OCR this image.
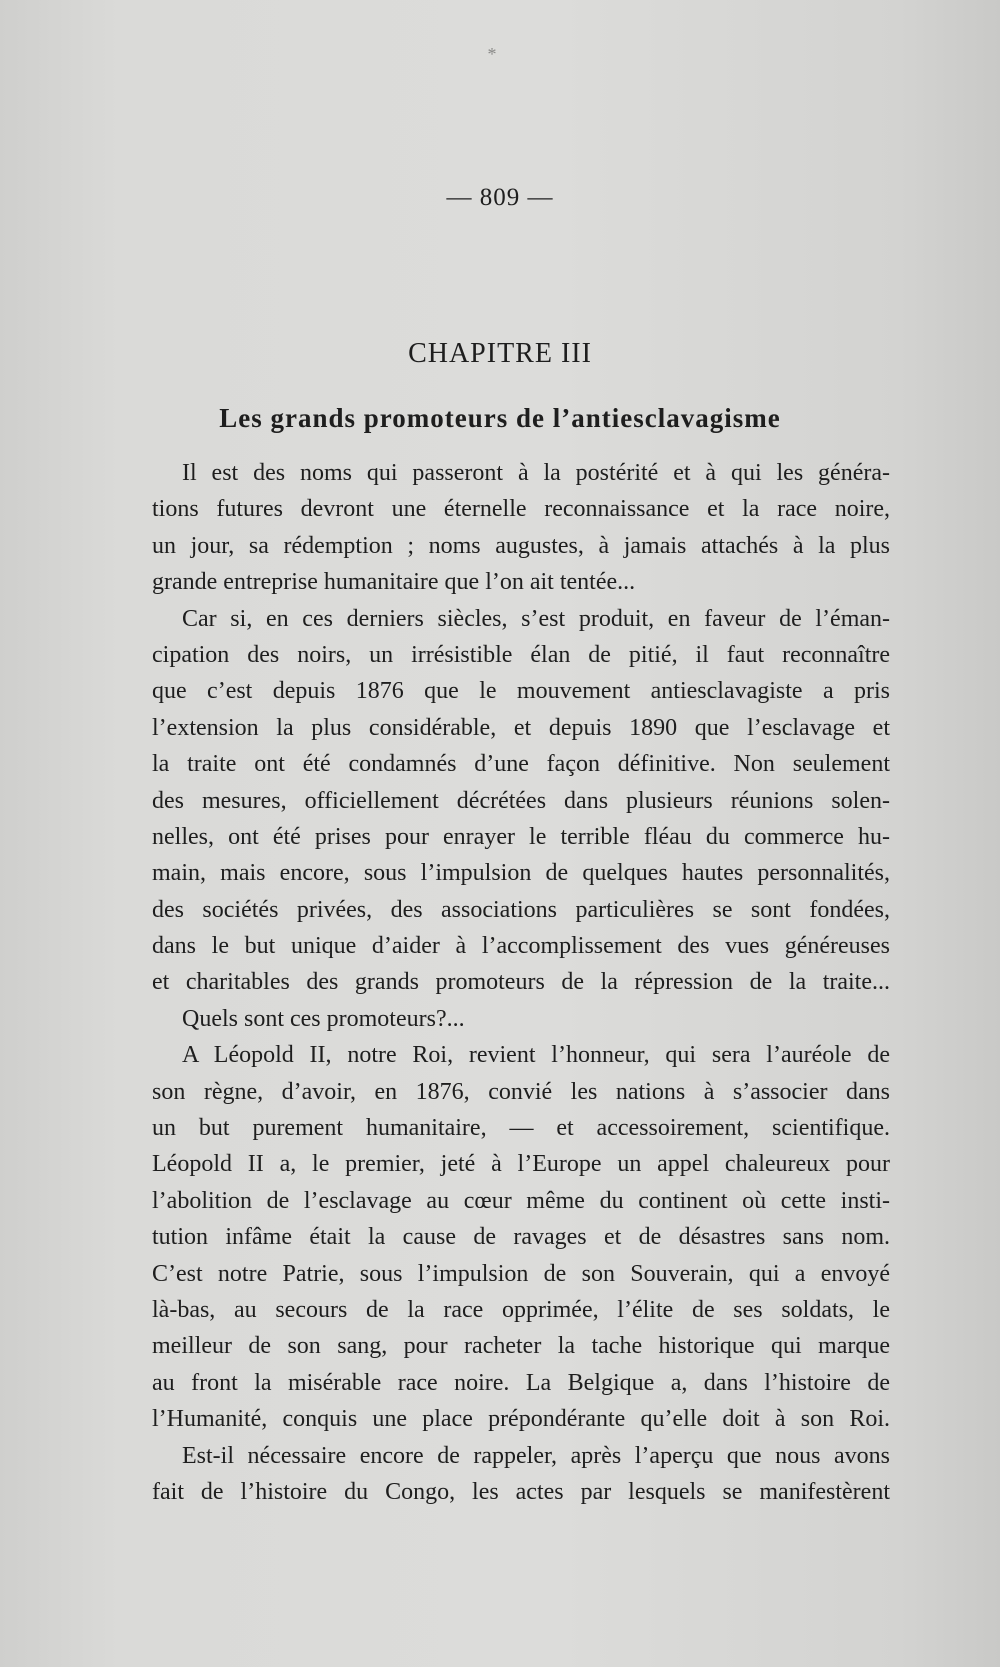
*
— 809 —
CHAPITRE III
Les grands promoteurs de l’antiesclavagisme
Il est des noms qui passeront à la postérité et à qui les généra-
tions futures devront une éternelle reconnaissance et la race noire,
un jour, sa rédemption ; noms augustes, à jamais attachés à la plus
grande entreprise humanitaire que l’on ait tentée...
Car si, en ces derniers siècles, s’est produit, en faveur de l’éman-
cipation des noirs, un irrésistible élan de pitié, il faut reconnaître
que c’est depuis 1876 que le mouvement antiesclavagiste a pris
l’extension la plus considérable, et depuis 1890 que l’esclavage et
la traite ont été condamnés d’une façon définitive. Non seulement
des mesures, officiellement décrétées dans plusieurs réunions solen-
nelles, ont été prises pour enrayer le terrible fléau du commerce hu-
main, mais encore, sous l’impulsion de quelques hautes personnalités,
des sociétés privées, des associations particulières se sont fondées,
dans le but unique d’aider à l’accomplissement des vues généreuses
et charitables des grands promoteurs de la répression de la traite...
Quels sont ces promoteurs?...
A Léopold II, notre Roi, revient l’honneur, qui sera l’auréole de
son règne, d’avoir, en 1876, convié les nations à s’associer dans
un but purement humanitaire, — et accessoirement, scientifique.
Léopold II a, le premier, jeté à l’Europe un appel chaleureux pour
l’abolition de l’esclavage au cœur même du continent où cette insti-
tution infâme était la cause de ravages et de désastres sans nom.
C’est notre Patrie, sous l’impulsion de son Souverain, qui a envoyé
là-bas, au secours de la race opprimée, l’élite de ses soldats, le
meilleur de son sang, pour racheter la tache historique qui marque
au front la misérable race noire. La Belgique a, dans l’histoire de
l’Humanité, conquis une place prépondérante qu’elle doit à son Roi.
Est-il nécessaire encore de rappeler, après l’aperçu que nous avons
fait de l’histoire du Congo, les actes par lesquels se manifestèrent
